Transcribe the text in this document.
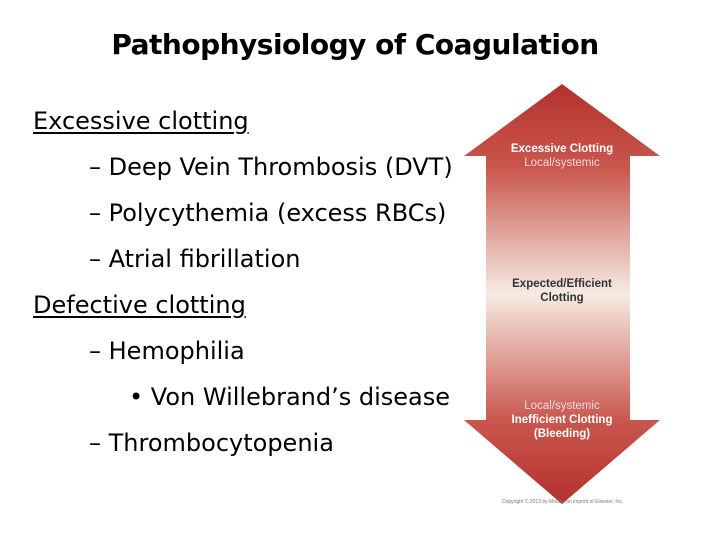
Pathophysiology of Coagulation
Excessive clotting
– Deep Vein Thrombosis (DVT)
– Polycythemia (excess RBCs)
– Atrial fibrillation
Defective clotting
– Hemophilia
• Von Willebrand’s disease
– Thrombocytopenia
Excessive Clotting
Local/systemic
Expected/Efficient
Clotting
Local/systemic
Inefficient Clotting
(Bleeding)
Copyright © 2013 by Mosby, an imprint of Elsevier, Inc.
